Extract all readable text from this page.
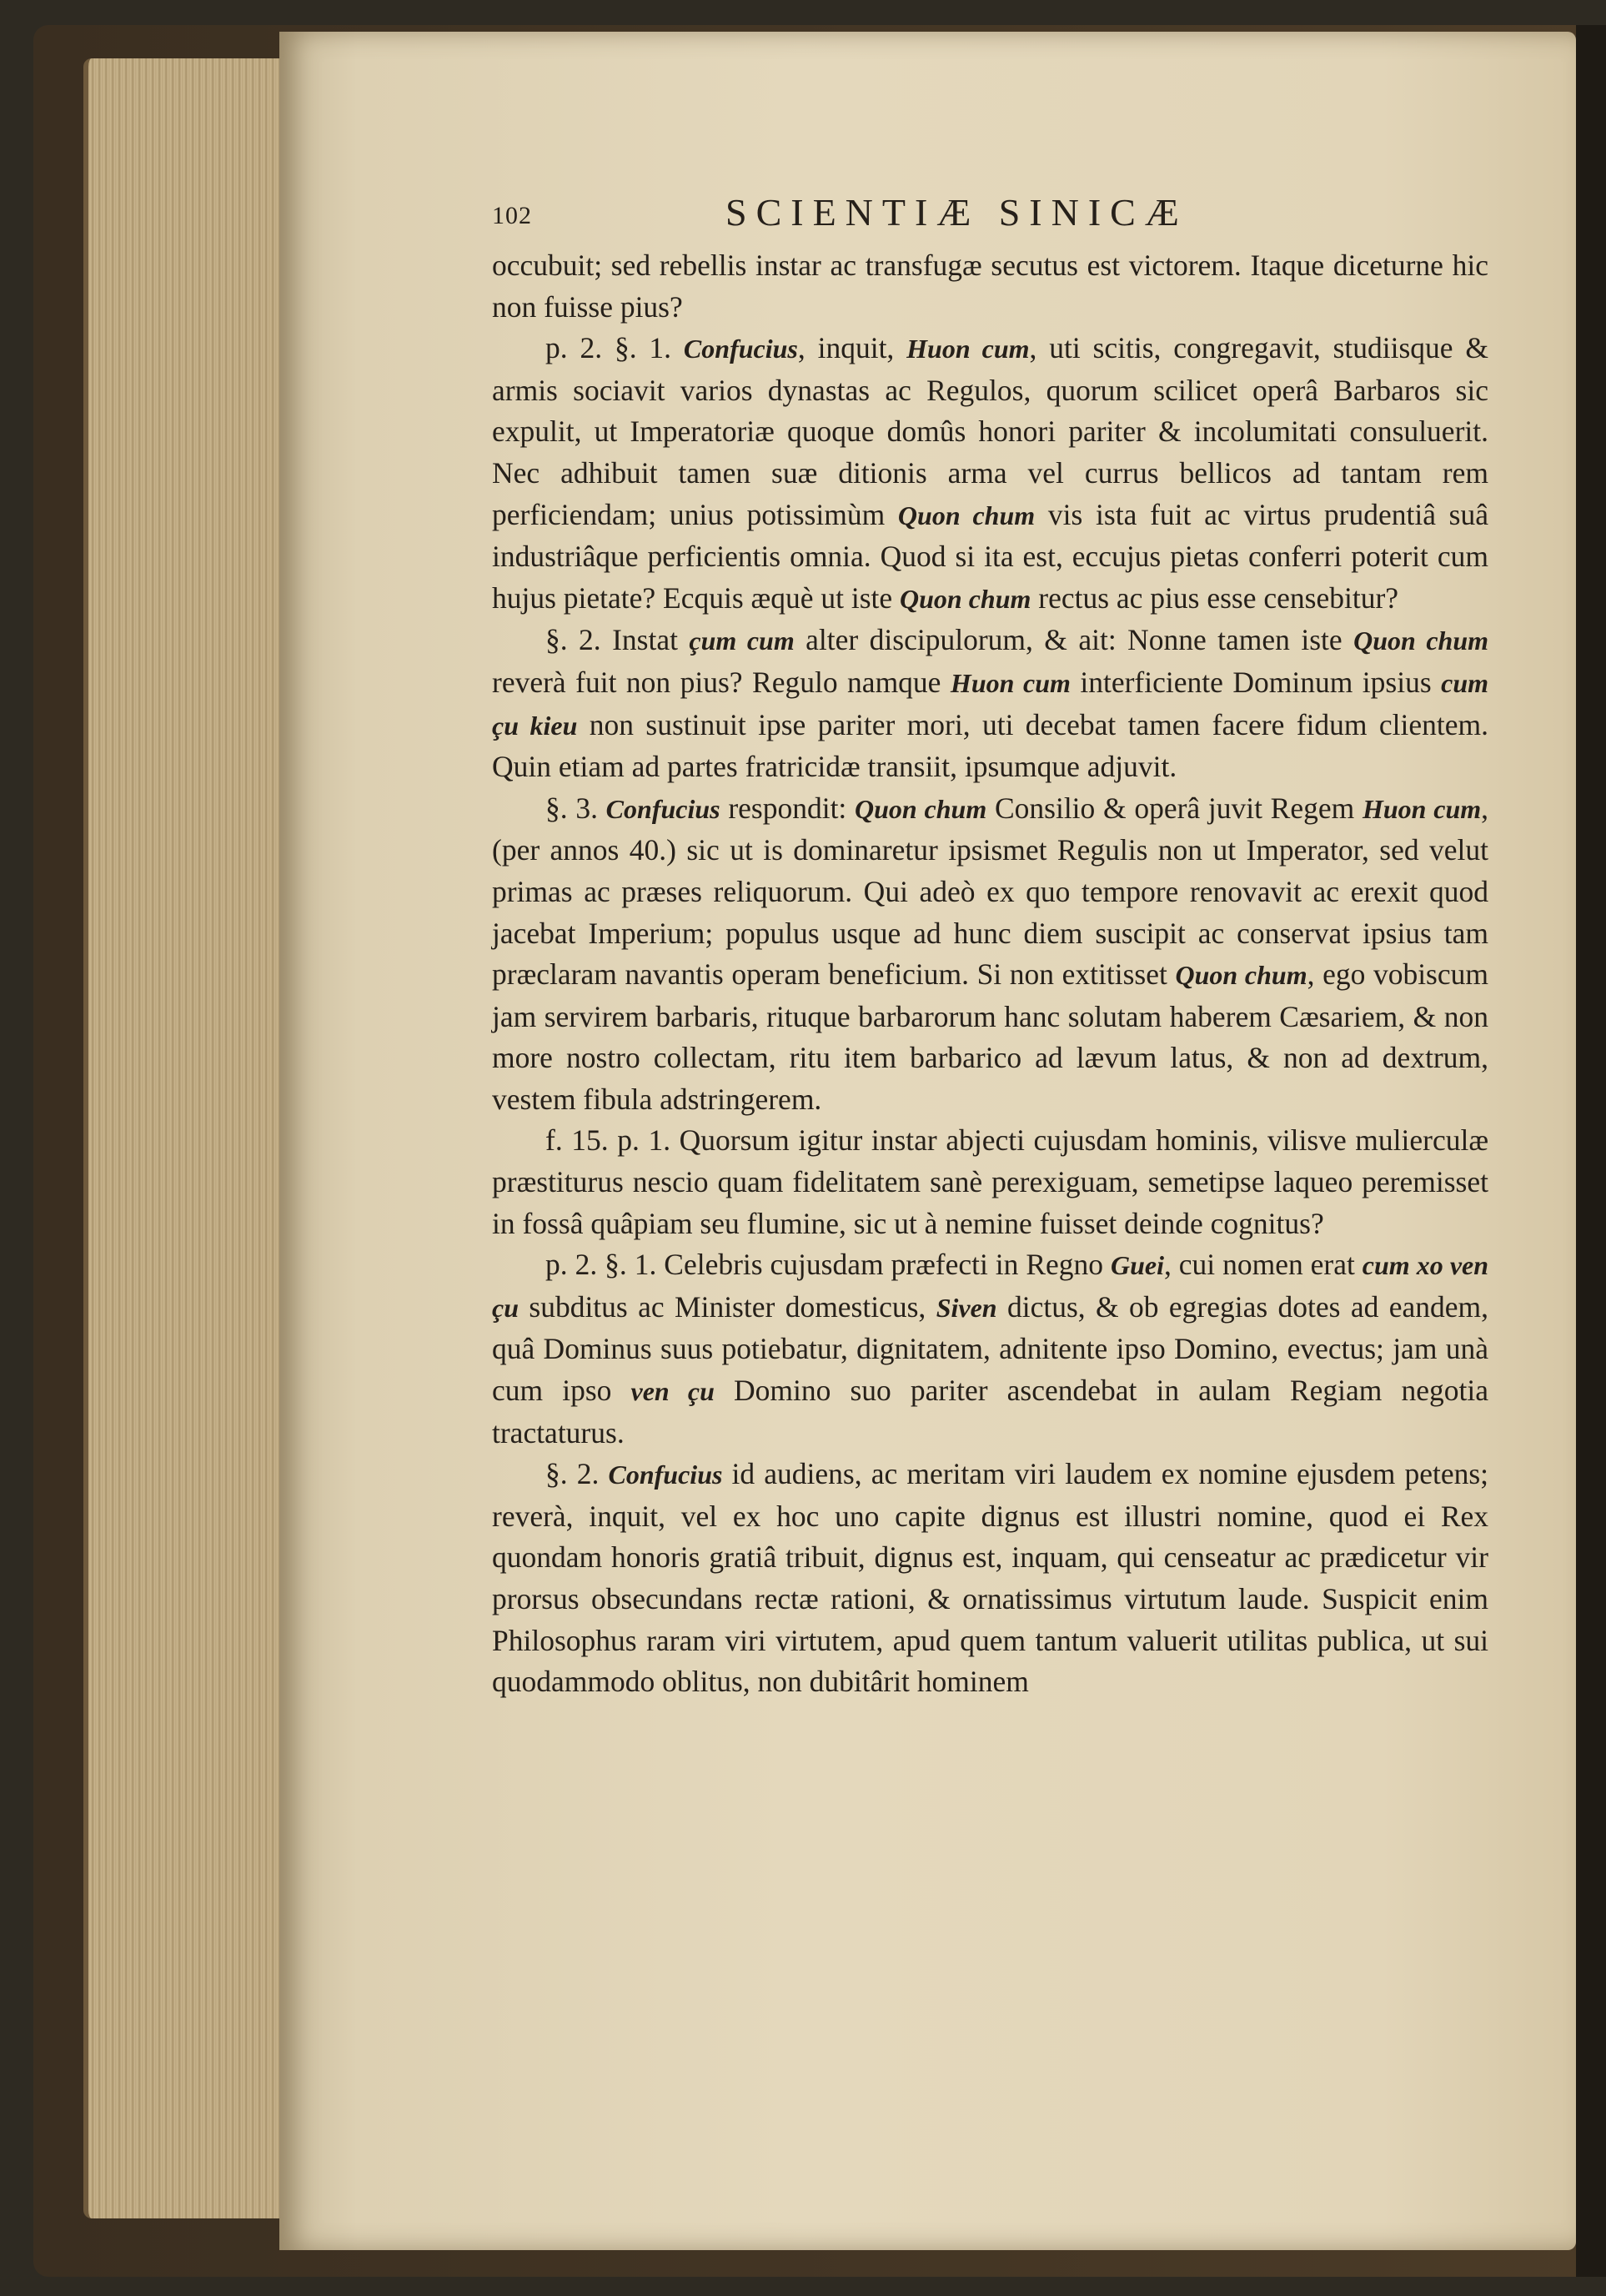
102	SCIENTIÆ SINICÆ

occubuit; sed rebellis instar ac transfugæ secutus est victorem. Itaque diceturne hic non fuisse pius?

p. 2. §. 1. Confucius, inquit, Huon cum, uti scitis, congregavit, studiisque & armis sociavit varios dynastas ac Regulos, quorum scilicet operâ Barbaros sic expulit, ut Imperatoriæ quoque domûs honori pariter & incolumitati consuluerit. Nec adhibuit tamen suæ ditionis arma vel currus bellicos ad tantam rem perficiendam; unius potissimùm Quon chum vis ista fuit ac virtus prudentiâ suâ industriâque perficientis omnia. Quod si ita est, eccujus pietas conferri poterit cum hujus pietate? Ecquis æquè ut iste Quon chum rectus ac pius esse censebitur?

§. 2. Instat çum cum alter discipulorum, & ait: Nonne tamen iste Quon chum reverà fuit non pius? Regulo namque Huon cum interficiente Dominum ipsius cum çu kieu non sustinuit ipse pariter mori, uti decebat tamen facere fidum clientem. Quin etiam ad partes fratricidæ transiit, ipsumque adjuvit.

§. 3. Confucius respondit: Quon chum Consilio & operâ juvit Regem Huon cum, (per annos 40.) sic ut is dominaretur ipsismet Regulis non ut Imperator, sed velut primas ac præses reliquorum. Qui adeò ex quo tempore renovavit ac erexit quod jacebat Imperium; populus usque ad hunc diem suscipit ac conservat ipsius tam præclaram navantis operam beneficium. Si non extitisset Quon chum, ego vobiscum jam servirem barbaris, rituque barbarorum hanc solutam haberem Cæsariem, & non more nostro collectam, ritu item barbarico ad lævum latus, & non ad dextrum, vestem fibula adstringerem.

f. 15. p. 1. Quorsum igitur instar abjecti cujusdam hominis, vilisve mulierculæ præstiturus nescio quam fidelitatem sanè perexiguam, semetipse laqueo peremisset in fossâ quâpiam seu flumine, sic ut à nemine fuisset deinde cognitus?

p. 2. §. 1. Celebris cujusdam præfecti in Regno Guei, cui nomen erat cum xo ven çu subditus ac Minister domesticus, Siven dictus, & ob egregias dotes ad eandem, quâ Dominus suus potiebatur, dignitatem, adnitente ipso Domino, evectus; jam unà cum ipso ven çu Domino suo pariter ascendebat in aulam Regiam negotia tractaturus.

§. 2. Confucius id audiens, ac meritam viri laudem ex nomine ejusdem petens; reverà, inquit, vel ex hoc uno capite dignus est illustri nomine, quod ei Rex quondam honoris gratiâ tribuit, dignus est, inquam, qui censeatur ac prædicetur vir prorsus obsecundans rectæ rationi, & ornatissimus virtutum laude. Suspicit enim Philosophus raram viri virtutem, apud quem tantum valuerit utilitas publica, ut sui quodammodo oblitus, non dubitârit hominem
